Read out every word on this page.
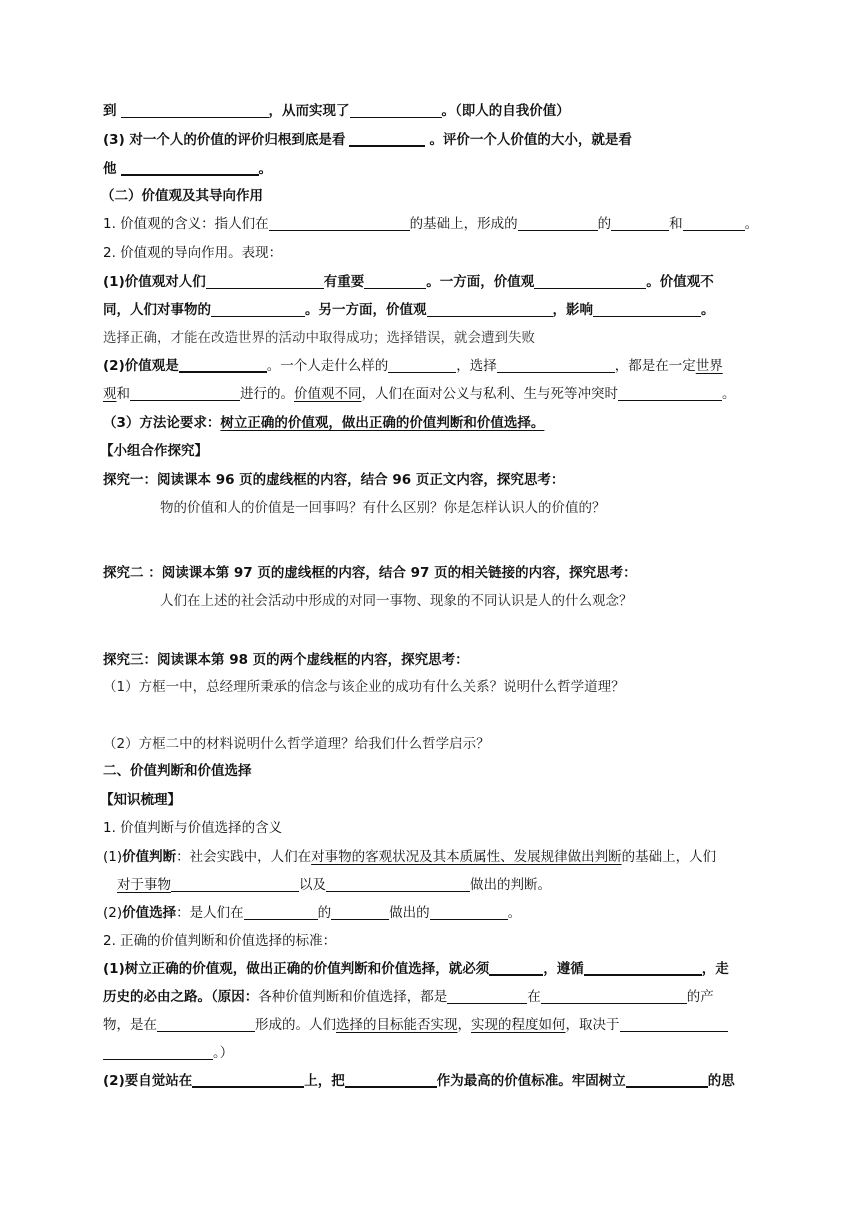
到	，从而实现了	。（即人的自我价值）
(3) 对一个人的价值的评价归根到底是看	。评价一个人价值的大小，就是看
他	。
（二）价值观及其导向作用
1. 价值观的含义：指人们在	的基础上，形成的	的	和	。
2. 价值观的导向作用。表现：
(1)价值观对人们	有重要	。一方面，价值观	。价值观不
同，人们对事物的	。另一方面，价值观	，影响	。
选择正确，才能在改造世界的活动中取得成功；选择错误，就会遭到失败
(2)价值观是	。一个人走什么样的	，选择	，都是在一定世界
观和	进行的。价值观不同，人们在面对公义与私利、生与死等冲突时	。
（3）方法论要求：树立正确的价值观，做出正确的价值判断和价值选择。
【小组合作探究】
探究一：阅读课本 96 页的虚线框的内容，结合 96 页正文内容，探究思考：
物的价值和人的价值是一回事吗？有什么区别？你是怎样认识人的价值的？
探究二 ：阅读课本第 97 页的虚线框的内容，结合 97 页的相关链接的内容，探究思考：
人们在上述的社会活动中形成的对同一事物、现象的不同认识是人的什么观念？
探究三：阅读课本第 98 页的两个虚线框的内容，探究思考：
（1）方框一中，总经理所秉承的信念与该企业的成功有什么关系？说明什么哲学道理？
（2）方框二中的材料说明什么哲学道理？给我们什么哲学启示？
二、价值判断和价值选择
【知识梳理】
1. 价值判断与价值选择的含义
(1)价值判断：社会实践中，人们在对事物的客观状况及其本质属性、发展规律做出判断的基础上，人们
对于事物	以及	做出的判断。
(2)价值选择：是人们在	的	做出的	。
2. 正确的价值判断和价值选择的标准：
(1)树立正确的价值观，做出正确的价值判断和价值选择，就必须	，遵循	，走
历史的必由之路。（原因：各种价值判断和价值选择，都是	在	的产
物，是在	形成的。人们选择的目标能否实现，实现的程度如何，取决于
。）
(2)要自觉站在	上，把	作为最高的价值标准。牢固树立	的思
